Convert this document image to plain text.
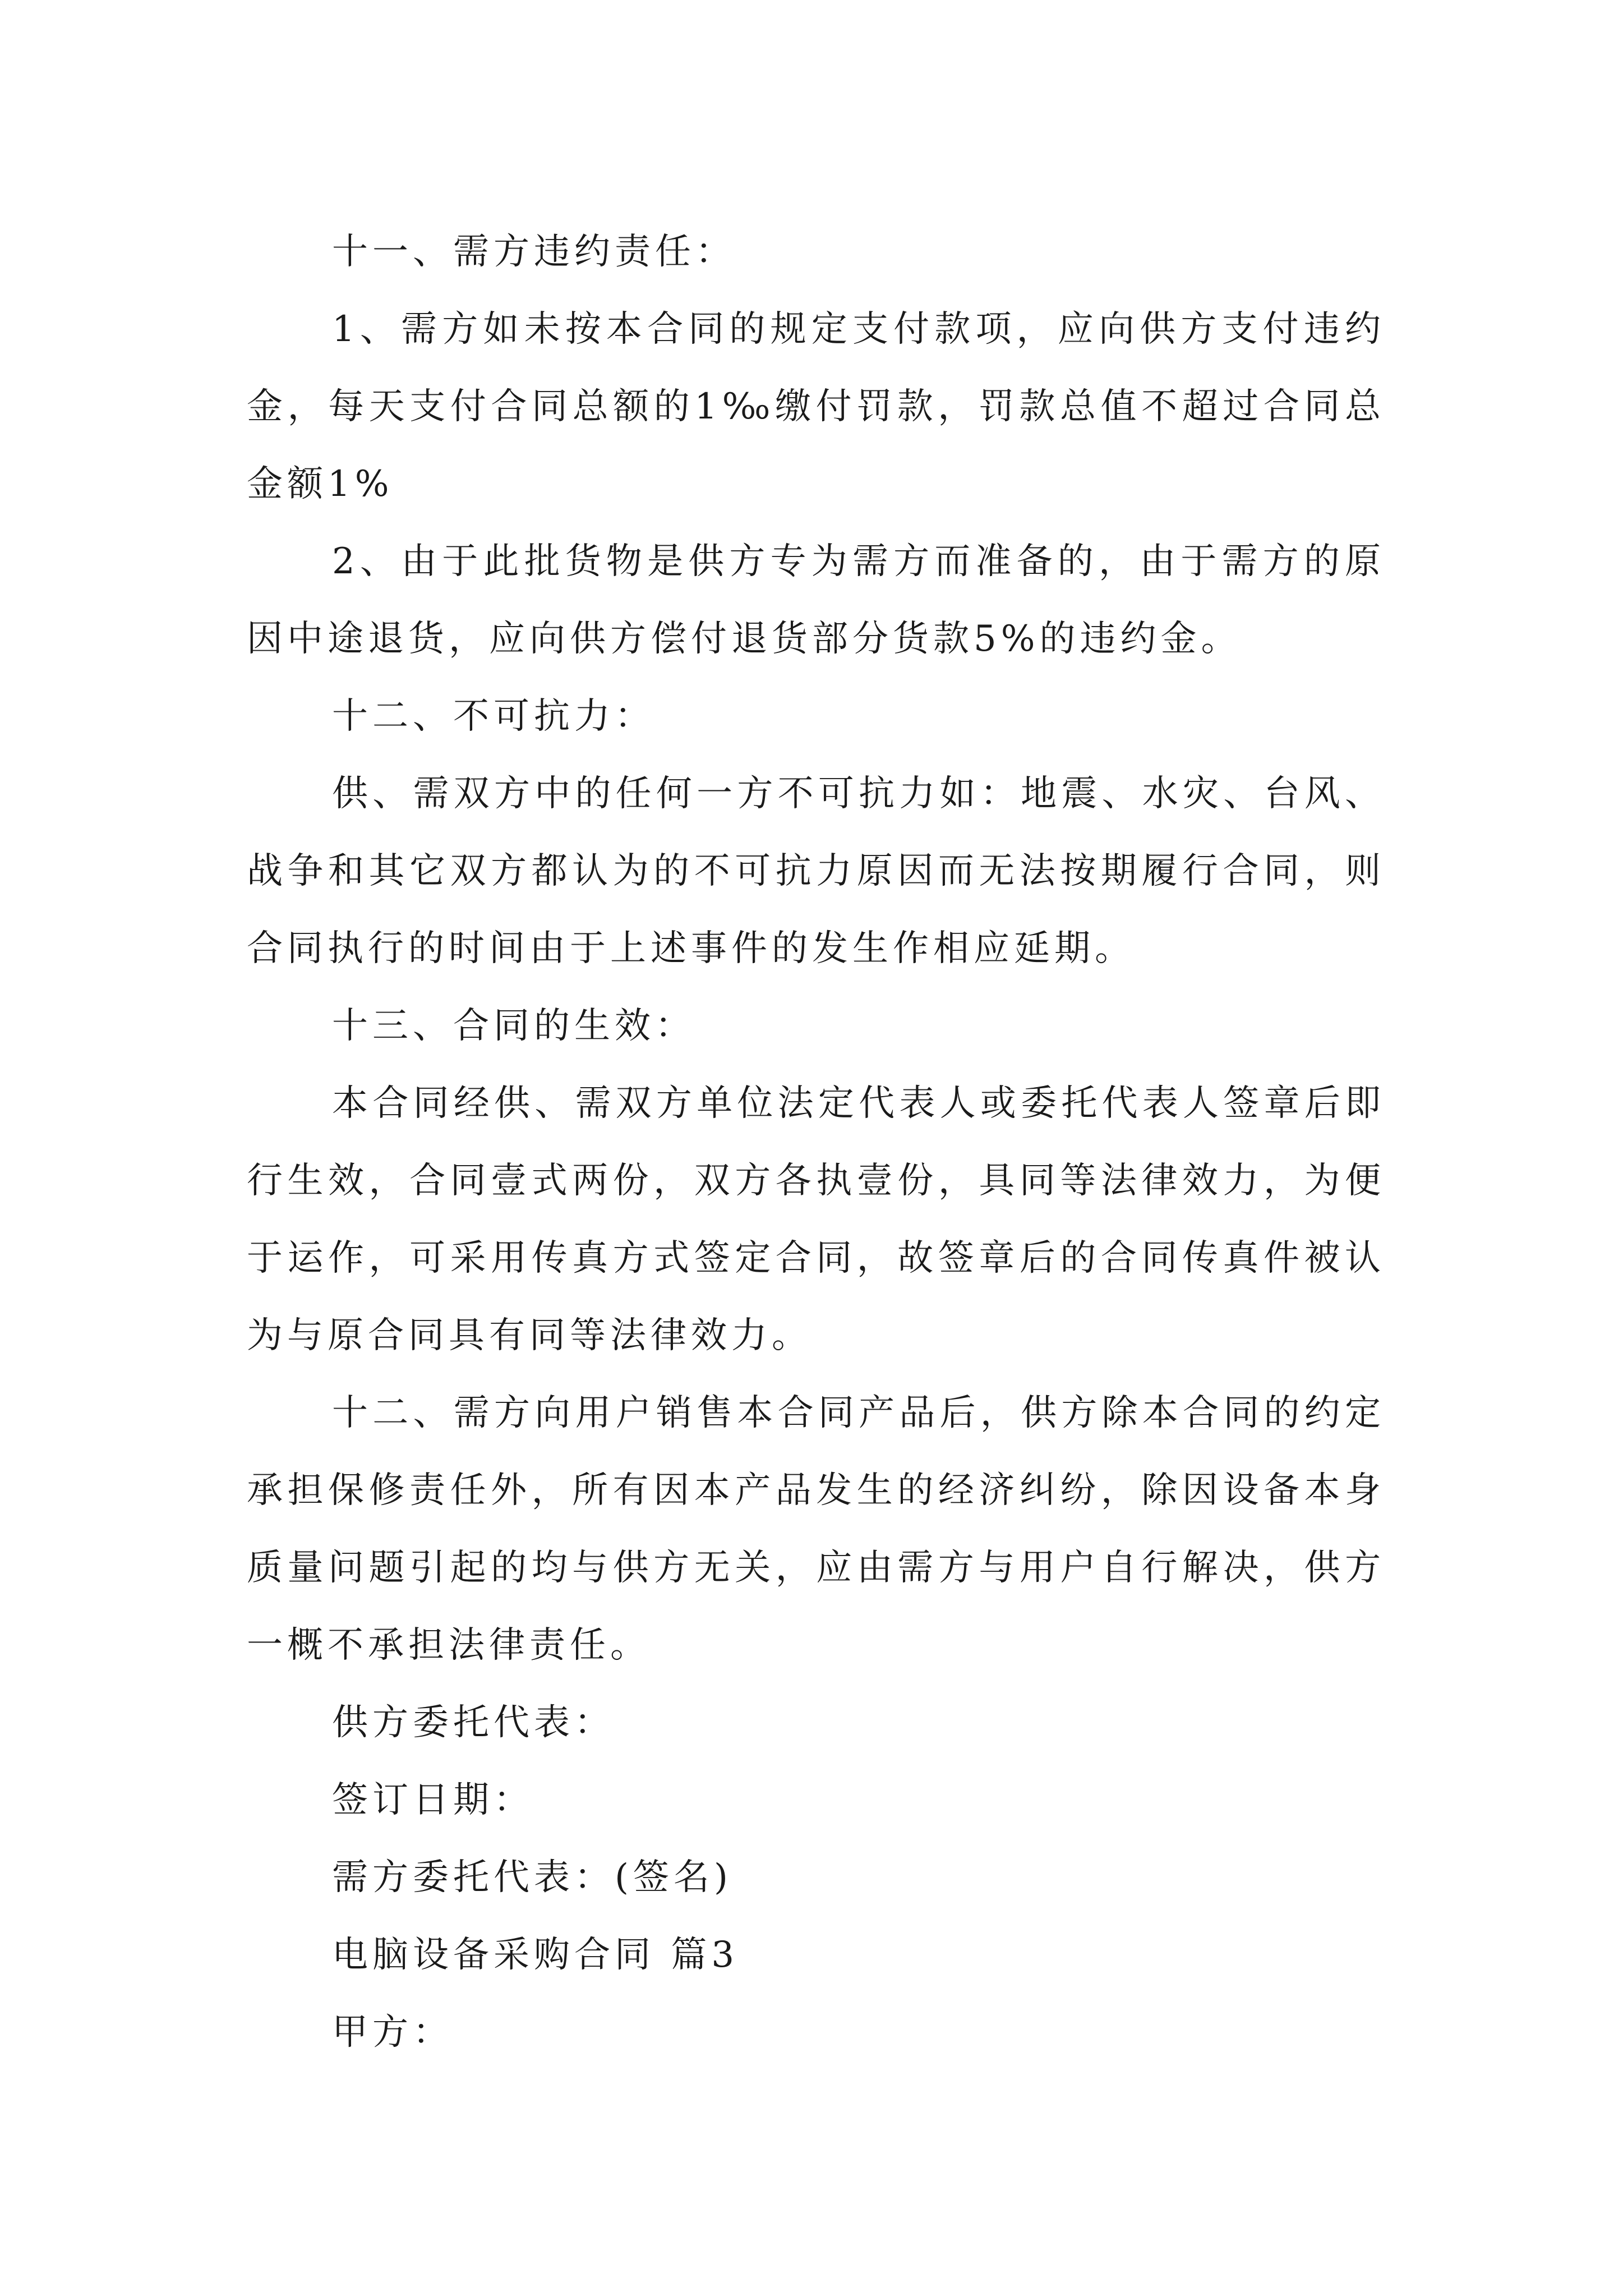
十一、需方违约责任：

1、需方如未按本合同的规定支付款项，应向供方支付违约金，每天支付合同总额的1‰缴付罚款，罚款总值不超过合同总金额1%

2、由于此批货物是供方专为需方而准备的，由于需方的原因中途退货，应向供方偿付退货部分货款5%的违约金。

十二、不可抗力：

供、需双方中的任何一方不可抗力如：地震、水灾、台风、战争和其它双方都认为的不可抗力原因而无法按期履行合同，则合同执行的时间由于上述事件的发生作相应延期。

十三、合同的生效：

本合同经供、需双方单位法定代表人或委托代表人签章后即行生效，合同壹式两份，双方各执壹份，具同等法律效力，为便于运作，可采用传真方式签定合同，故签章后的合同传真件被认为与原合同具有同等法律效力。

十二、需方向用户销售本合同产品后，供方除本合同的约定承担保修责任外，所有因本产品发生的经济纠纷，除因设备本身质量问题引起的均与供方无关，应由需方与用户自行解决，供方一概不承担法律责任。

供方委托代表：

签订日期：

需方委托代表：(签名)

电脑设备采购合同 篇3

甲方：
